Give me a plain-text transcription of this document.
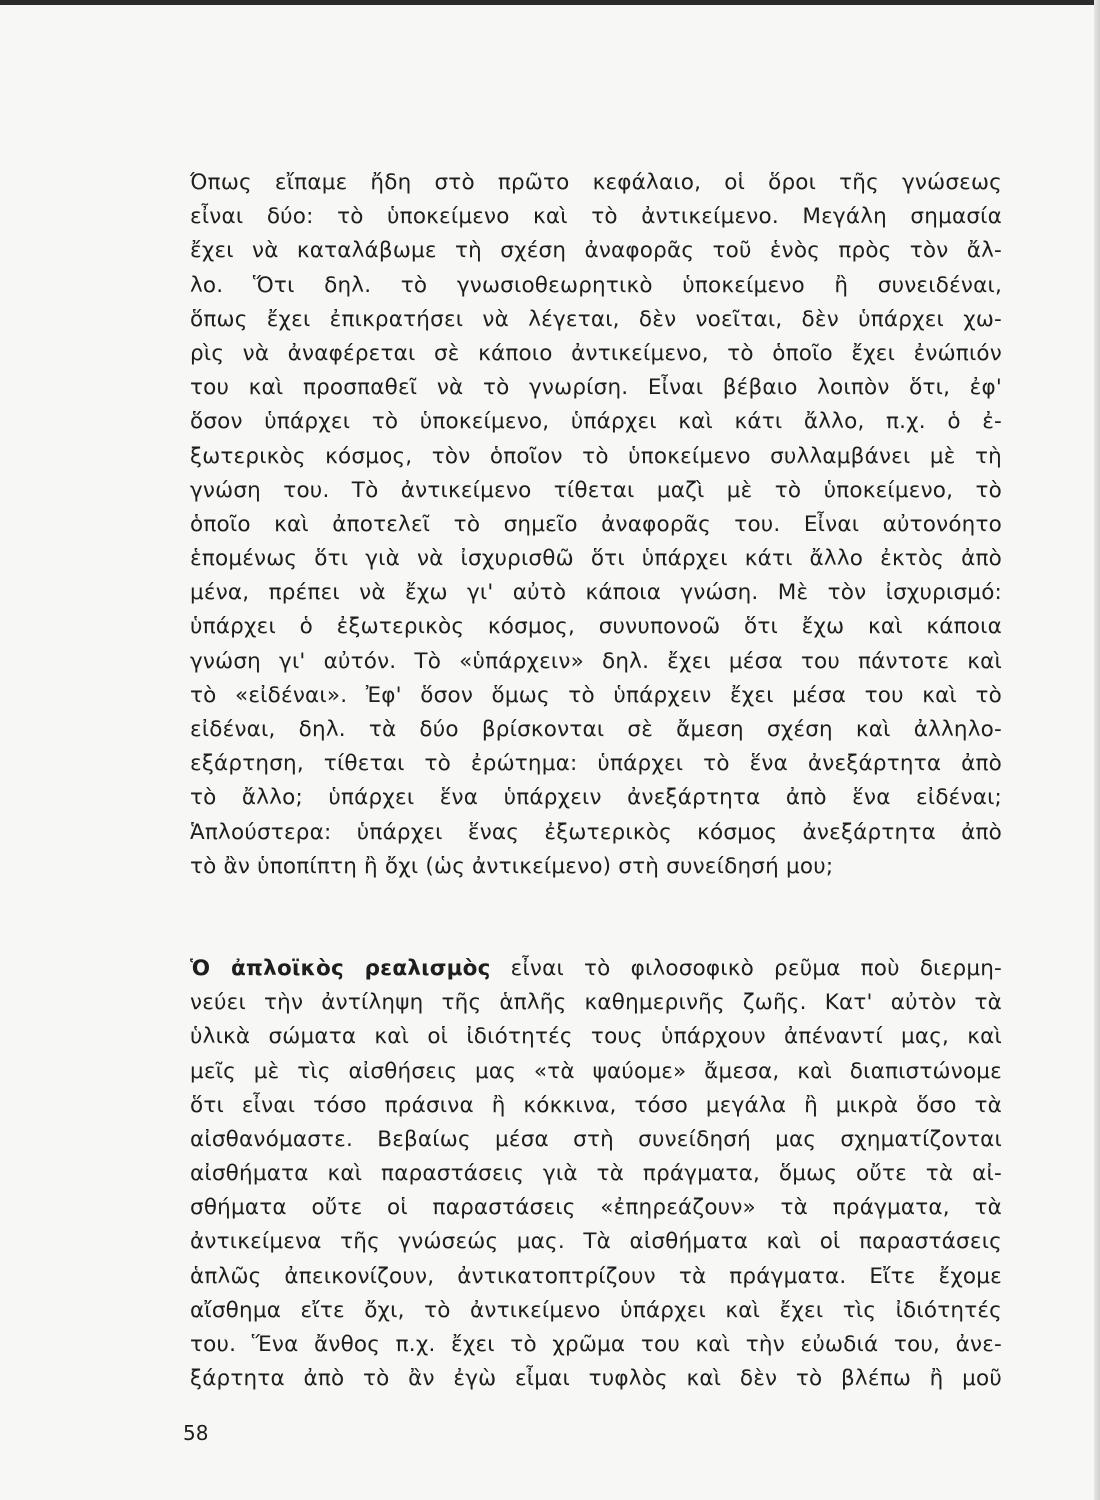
Όπως εἴπαμε ἤδη στὸ πρῶτο κεφάλαιο, οἱ ὅροι τῆς γνώσεως
εἶναι δύο: τὸ ὑποκείμενο καὶ τὸ ἀντικείμενο. Μεγάλη σημασία
ἔχει νὰ καταλάβωμε τὴ σχέση ἀναφορᾶς τοῦ ἑνὸς πρὸς τὸν ἄλ-
λο. Ὅτι δηλ. τὸ γνωσιοθεωρητικὸ ὑποκείμενο ἢ συνειδέναι,
ὅπως ἔχει ἐπικρατήσει νὰ λέγεται, δὲν νοεῖται, δὲν ὑπάρχει χω-
ρὶς νὰ ἀναφέρεται σὲ κάποιο ἀντικείμενο, τὸ ὁποῖο ἔχει ἐνώπιόν
του καὶ προσπαθεῖ νὰ τὸ γνωρίση. Εἶναι βέβαιο λοιπὸν ὅτι, ἐφ'
ὅσον ὑπάρχει τὸ ὑποκείμενο, ὑπάρχει καὶ κάτι ἄλλο, π.χ. ὁ ἐ-
ξωτερικὸς κόσμος, τὸν ὁποῖον τὸ ὑποκείμενο συλλαμβάνει μὲ τὴ
γνώση του. Τὸ ἀντικείμενο τίθεται μαζὶ μὲ τὸ ὑποκείμενο, τὸ
ὁποῖο καὶ ἀποτελεῖ τὸ σημεῖο ἀναφορᾶς του. Εἶναι αὐτονόητο
ἑπομένως ὅτι γιὰ νὰ ἰσχυρισθῶ ὅτι ὑπάρχει κάτι ἄλλο ἐκτὸς ἀπὸ
μένα, πρέπει νὰ ἔχω γι' αὐτὸ κάποια γνώση. Μὲ τὸν ἰσχυρισμό:
ὑπάρχει ὁ ἐξωτερικὸς κόσμος, συνυπονοῶ ὅτι ἔχω καὶ κάποια
γνώση γι' αὐτόν. Τὸ «ὑπάρχειν» δηλ. ἔχει μέσα του πάντοτε καὶ
τὸ «εἰδέναι». Ἐφ' ὅσον ὅμως τὸ ὑπάρχειν ἔχει μέσα του καὶ τὸ
εἰδέναι, δηλ. τὰ δύο βρίσκονται σὲ ἄμεση σχέση καὶ ἀλληλο-
εξάρτηση, τίθεται τὸ ἐρώτημα: ὑπάρχει τὸ ἕνα ἀνεξάρτητα ἀπὸ
τὸ ἄλλο; ὑπάρχει ἕνα ὑπάρχειν ἀνεξάρτητα ἀπὸ ἕνα εἰδέναι;
Ἁπλούστερα: ὑπάρχει ἕνας ἐξωτερικὸς κόσμος ἀνεξάρτητα ἀπὸ
τὸ ἂν ὑποπίπτη ἢ ὄχι (ὡς ἀντικείμενο) στὴ συνείδησή μου;
Ὁ ἀπλοϊκὸς ρεαλισμὸς εἶναι τὸ φιλοσοφικὸ ρεῦμα ποὺ διερμη-
νεύει τὴν ἀντίληψη τῆς ἁπλῆς καθημερινῆς ζωῆς. Κατ' αὐτὸν τὰ
ὑλικὰ σώματα καὶ οἱ ἰδιότητές τους ὑπάρχουν ἀπέναντί μας, καὶ
μεῖς μὲ τὶς αἰσθήσεις μας «τὰ ψαύομε» ἄμεσα, καὶ διαπιστώνομε
ὅτι εἶναι τόσο πράσινα ἢ κόκκινα, τόσο μεγάλα ἢ μικρὰ ὅσο τὰ
αἰσθανόμαστε. Βεβαίως μέσα στὴ συνείδησή μας σχηματίζονται
αἰσθήματα καὶ παραστάσεις γιὰ τὰ πράγματα, ὅμως οὔτε τὰ αἰ-
σθήματα οὔτε οἱ παραστάσεις «ἐπηρεάζουν» τὰ πράγματα, τὰ
ἀντικείμενα τῆς γνώσεώς μας. Τὰ αἰσθήματα καὶ οἱ παραστάσεις
ἁπλῶς ἀπεικονίζουν, ἀντικατοπτρίζουν τὰ πράγματα. Εἴτε ἔχομε
αἴσθημα εἴτε ὄχι, τὸ ἀντικείμενο ὑπάρχει καὶ ἔχει τὶς ἰδιότητές
του. Ἕνα ἄνθος π.χ. ἔχει τὸ χρῶμα του καὶ τὴν εὐωδιά του, ἀνε-
ξάρτητα ἀπὸ τὸ ἂν ἐγὼ εἶμαι τυφλὸς καὶ δὲν τὸ βλέπω ἢ μοῦ
58
